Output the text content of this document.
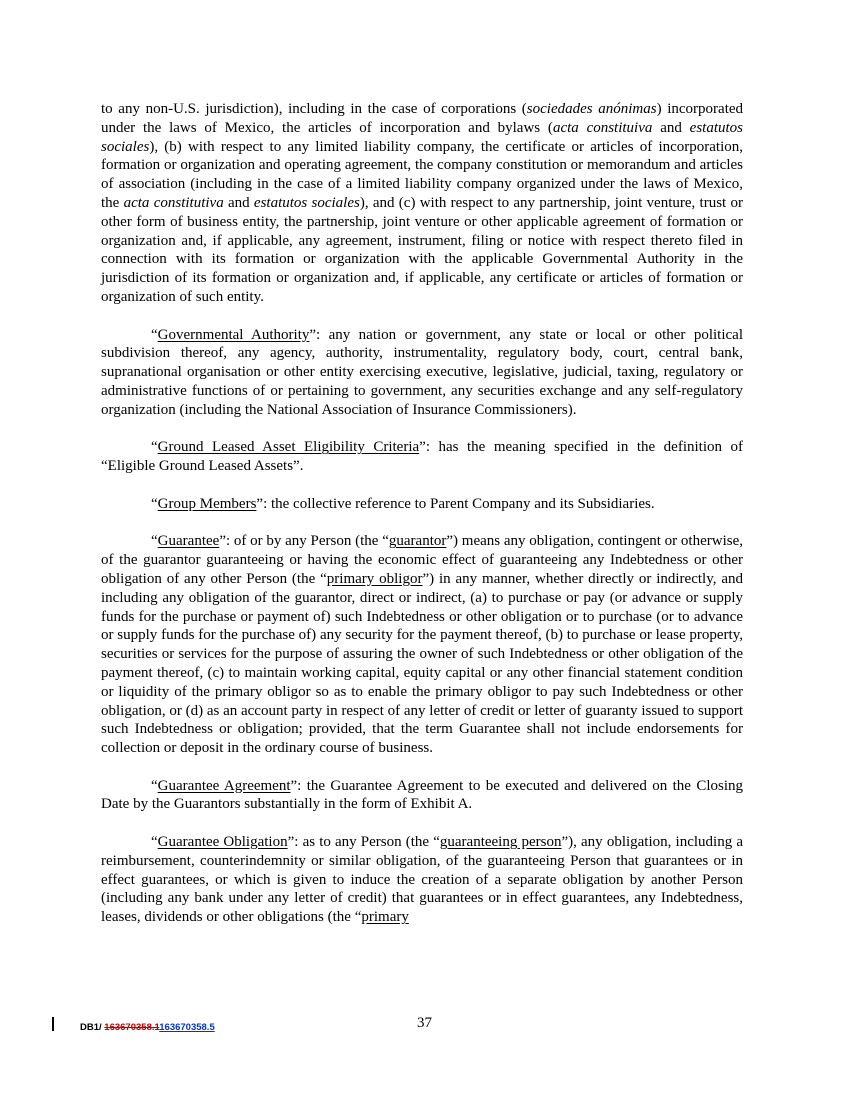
to any non-U.S. jurisdiction), including in the case of corporations (sociedades anónimas) incorporated under the laws of Mexico, the articles of incorporation and bylaws (acta constituiva and estatutos sociales), (b) with respect to any limited liability company, the certificate or articles of incorporation, formation or organization and operating agreement, the company constitution or memorandum and articles of association (including in the case of a limited liability company organized under the laws of Mexico, the acta constitutiva and estatutos sociales), and (c) with respect to any partnership, joint venture, trust or other form of business entity, the partnership, joint venture or other applicable agreement of formation or organization and, if applicable, any agreement, instrument, filing or notice with respect thereto filed in connection with its formation or organization with the applicable Governmental Authority in the jurisdiction of its formation or organization and, if applicable, any certificate or articles of formation or organization of such entity.

“Governmental Authority”: any nation or government, any state or local or other political subdivision thereof, any agency, authority, instrumentality, regulatory body, court, central bank, supranational organisation or other entity exercising executive, legislative, judicial, taxing, regulatory or administrative functions of or pertaining to government, any securities exchange and any self-regulatory organization (including the National Association of Insurance Commissioners).

“Ground Leased Asset Eligibility Criteria”: has the meaning specified in the definition of “Eligible Ground Leased Assets”.

“Group Members”: the collective reference to Parent Company and its Subsidiaries.

“Guarantee”: of or by any Person (the “guarantor”) means any obligation, contingent or otherwise, of the guarantor guaranteeing or having the economic effect of guaranteeing any Indebtedness or other obligation of any other Person (the “primary obligor”) in any manner, whether directly or indirectly, and including any obligation of the guarantor, direct or indirect, (a) to purchase or pay (or advance or supply funds for the purchase or payment of) such Indebtedness or other obligation or to purchase (or to advance or supply funds for the purchase of) any security for the payment thereof, (b) to purchase or lease property, securities or services for the purpose of assuring the owner of such Indebtedness or other obligation of the payment thereof, (c) to maintain working capital, equity capital or any other financial statement condition or liquidity of the primary obligor so as to enable the primary obligor to pay such Indebtedness or other obligation, or (d) as an account party in respect of any letter of credit or letter of guaranty issued to support such Indebtedness or obligation; provided, that the term Guarantee shall not include endorsements for collection or deposit in the ordinary course of business.

“Guarantee Agreement”: the Guarantee Agreement to be executed and delivered on the Closing Date by the Guarantors substantially in the form of Exhibit A.

“Guarantee Obligation”: as to any Person (the “guaranteeing person”), any obligation, including a reimbursement, counterindemnity or similar obligation, of the guaranteeing Person that guarantees or in effect guarantees, or which is given to induce the creation of a separate obligation by another Person (including any bank under any letter of credit) that guarantees or in effect guarantees, any Indebtedness, leases, dividends or other obligations (the “primary

DB1/ 163670358.1163670358.5	37
